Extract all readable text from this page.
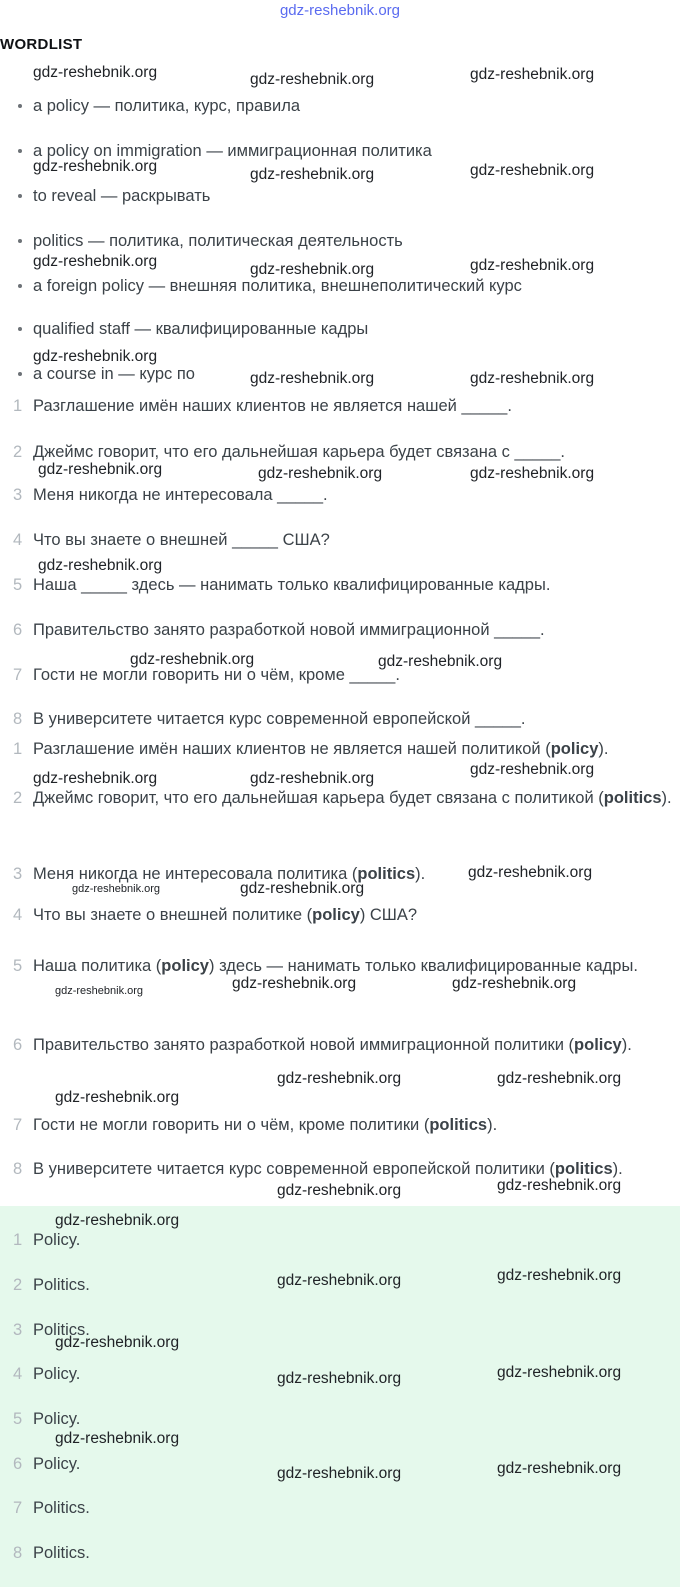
gdz-reshebnik.org
WORDLIST
gdz-reshebnik.org	gdz-reshebnik.org	gdz-reshebnik.org
gdz-reshebnik.org	gdz-reshebnik.org	gdz-reshebnik.org
gdz-reshebnik.org	gdz-reshebnik.org	gdz-reshebnik.org
gdz-reshebnik.org
gdz-reshebnik.org	gdz-reshebnik.org
gdz-reshebnik.org	gdz-reshebnik.org	gdz-reshebnik.org
gdz-reshebnik.org
gdz-reshebnik.org	gdz-reshebnik.org
gdz-reshebnik.org
gdz-reshebnik.org	gdz-reshebnik.org
gdz-reshebnik.org
gdz-reshebnik.org	gdz-reshebnik.org
gdz-reshebnik.org	gdz-reshebnik.org
gdz-reshebnik.org
gdz-reshebnik.org	gdz-reshebnik.org
gdz-reshebnik.org
gdz-reshebnik.org
gdz-reshebnik.org
gdz-reshebnik.org
gdz-reshebnik.org
gdz-reshebnik.org
gdz-reshebnik.org
gdz-reshebnik.org
gdz-reshebnik.org
gdz-reshebnik.org
gdz-reshebnik.org
gdz-reshebnik.org
a policy — политика, курс, правила
a policy on immigration — иммиграционная политика
to reveal — раскрывать
politics — политика, политическая деятельность
a foreign policy — внешняя политика, внешнеполитический курс
qualified staff — квалифицированные кадры
a course in — курс по
1 Разглашение имён наших клиентов не является нашей _____.
2 Джеймс говорит, что его дальнейшая карьера будет связана с _____.
3 Меня никогда не интересовала _____.
4 Что вы знаете о внешней _____ США?
5 Наша _____ здесь — нанимать только квалифицированные кадры.
6 Правительство занято разработкой новой иммиграционной _____.
7 Гости не могли говорить ни о чём, кроме _____.
8 В университете читается курс современной европейской _____.
1 Разглашение имён наших клиентов не является нашей политикой (policy).
2 Джеймс говорит, что его дальнейшая карьера будет связана с политикой (politics).
3 Меня никогда не интересовала политика (politics).
4 Что вы знаете о внешней политике (policy) США?
5 Наша политика (policy) здесь — нанимать только квалифицированные кадры.
6 Правительство занято разработкой новой иммиграционной политики (policy).
7 Гости не могли говорить ни о чём, кроме политики (politics).
8 В университете читается курс современной европейской политики (politics).
1 Policy.
2 Politics.
3 Politics.
4 Policy.
5 Policy.
6 Policy.
7 Politics.
8 Politics.
